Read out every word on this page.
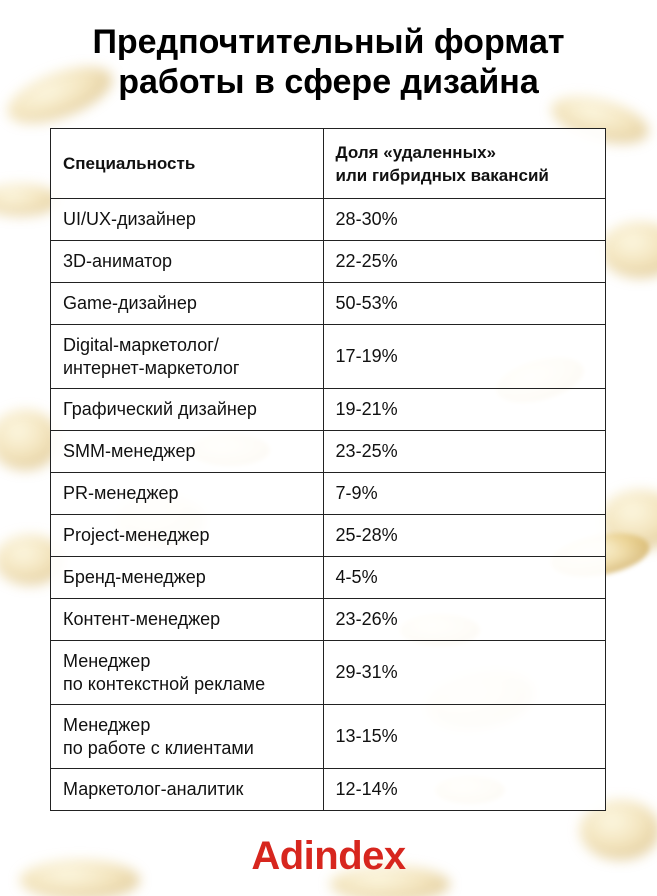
Предпочтительный формат
работы в сфере дизайна
Специальность	Доля «удаленных»
или гибридных вакансий
UI/UX-дизайнер	28-30%
3D-аниматор	22-25%
Game-дизайнер	50-53%
Digital-маркетолог/
интернет-маркетолог	17-19%
Графический дизайнер	19-21%
SMM-менеджер	23-25%
PR-менеджер	7-9%
Project-менеджер	25-28%
Бренд-менеджер	4-5%
Контент-менеджер	23-26%
Менеджер
по контекстной рекламе	29-31%
Менеджер
по работе с клиентами	13-15%
Маркетолог-аналитик	12-14%
Adindex
